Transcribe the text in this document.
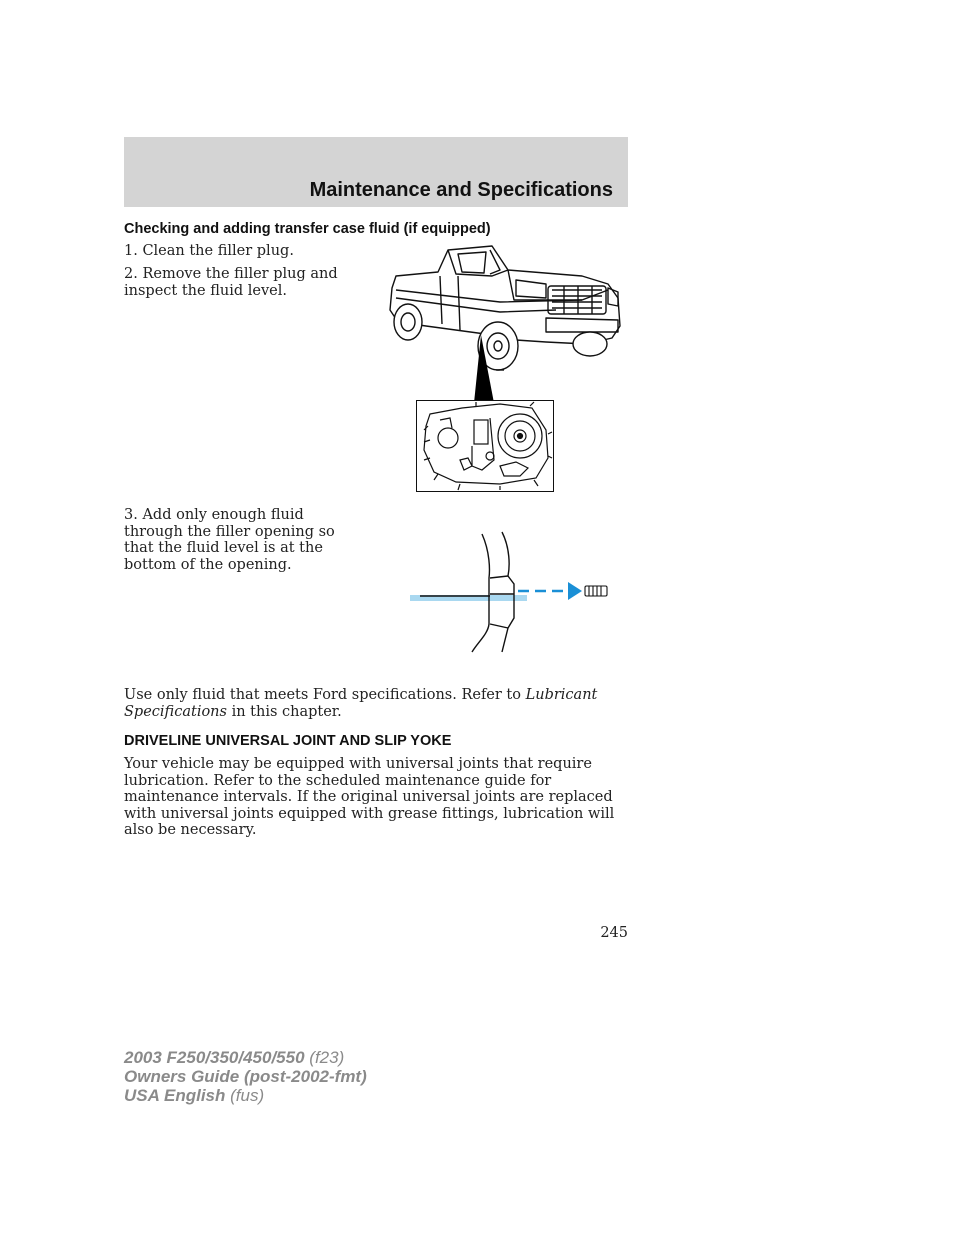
Maintenance and Specifications
Checking and adding transfer case fluid (if equipped)

1. Clean the filler plug.

2. Remove the filler plug and inspect the fluid level.

3. Add only enough fluid through the filler opening so that the fluid level is at the bottom of the opening.

Use only fluid that meets Ford specifications. Refer to Lubricant Specifications in this chapter.

DRIVELINE UNIVERSAL JOINT AND SLIP YOKE

Your vehicle may be equipped with universal joints that require lubrication. Refer to the scheduled maintenance guide for maintenance intervals. If the original universal joints are replaced with universal joints equipped with grease fittings, lubrication will also be necessary.

245

2003 F250/350/450/550 (f23)
Owners Guide (post-2002-fmt)
USA English (fus)
